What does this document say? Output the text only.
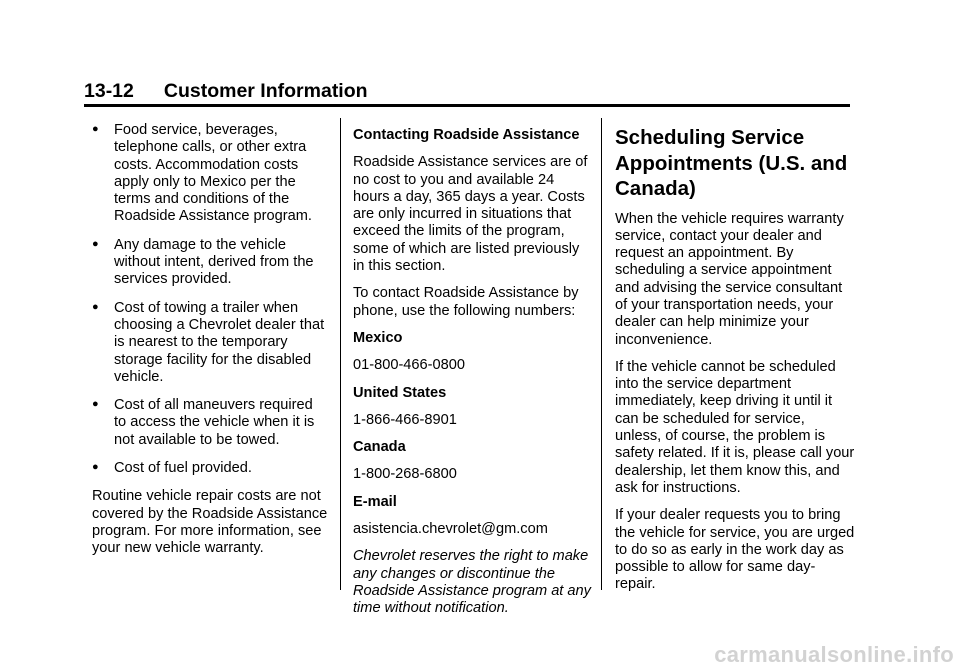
13-12 Customer Information
● Food service, beverages, telephone calls, or other extra costs. Accommodation costs apply only to Mexico per the terms and conditions of the Roadside Assistance program.
● Any damage to the vehicle without intent, derived from the services provided.
● Cost of towing a trailer when choosing a Chevrolet dealer that is nearest to the temporary storage facility for the disabled vehicle.
● Cost of all maneuvers required to access the vehicle when it is not available to be towed.
● Cost of fuel provided.

Routine vehicle repair costs are not covered by the Roadside Assistance program. For more information, see your new vehicle warranty.

Contacting Roadside Assistance

Roadside Assistance services are of no cost to you and available 24 hours a day, 365 days a year. Costs are only incurred in situations that exceed the limits of the program, some of which are listed previously in this section.

To contact Roadside Assistance by phone, use the following numbers:

Mexico

01-800-466-0800

United States

1-866-466-8901

Canada

1-800-268-6800

E-mail

asistencia.chevrolet@gm.com

Chevrolet reserves the right to make any changes or discontinue the Roadside Assistance program at any time without notification.

Scheduling Service Appointments (U.S. and Canada)

When the vehicle requires warranty service, contact your dealer and request an appointment. By scheduling a service appointment and advising the service consultant of your transportation needs, your dealer can help minimize your inconvenience.

If the vehicle cannot be scheduled into the service department immediately, keep driving it until it can be scheduled for service, unless, of course, the problem is safety related. If it is, please call your dealership, let them know this, and ask for instructions.

If your dealer requests you to bring the vehicle for service, you are urged to do so as early in the work day as possible to allow for same day-repair.

carmanualsonline.info
